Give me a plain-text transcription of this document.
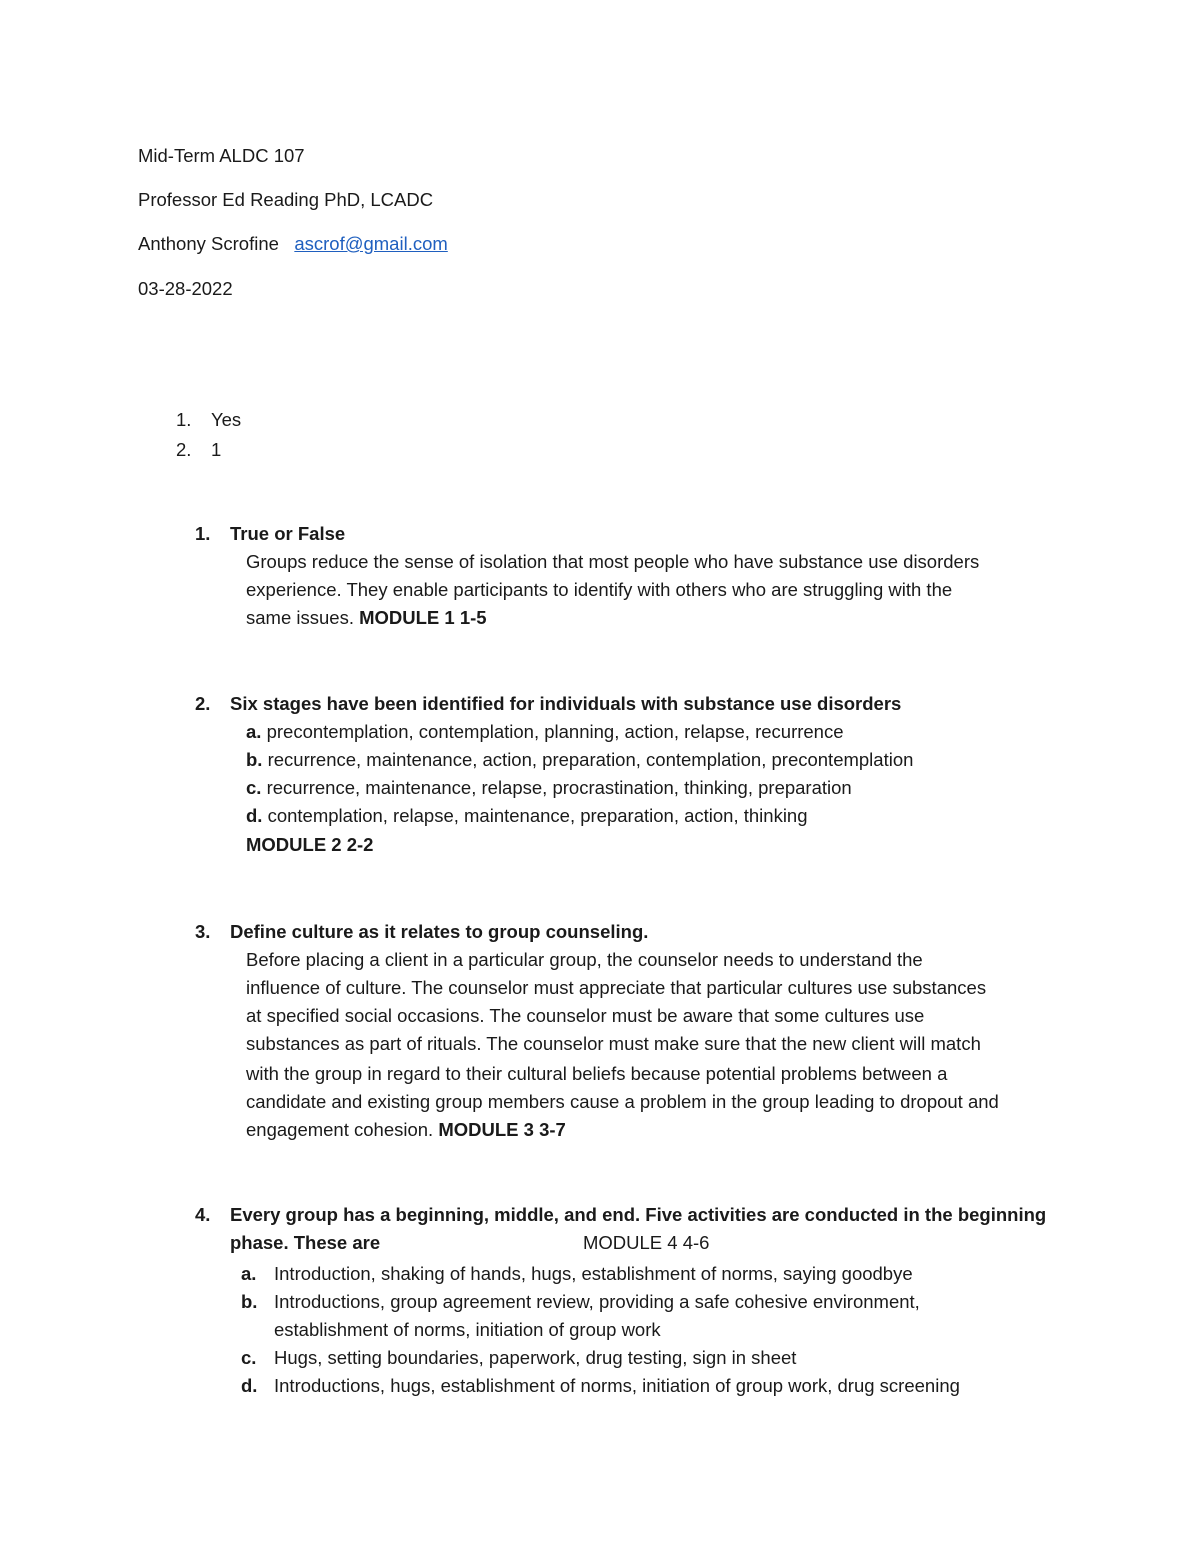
Mid-Term ALDC 107
Professor Ed Reading PhD, LCADC
Anthony Scrofine ascrof@gmail.com
03-28-2022
1. Yes
2. 1
1. True or False
Groups reduce the sense of isolation that most people who have substance use disorders
experience. They enable participants to identify with others who are struggling with the
same issues. MODULE 1 1-5
2. Six stages have been identified for individuals with substance use disorders
a. precontemplation, contemplation, planning, action, relapse, recurrence
b. recurrence, maintenance, action, preparation, contemplation, precontemplation
c. recurrence, maintenance, relapse, procrastination, thinking, preparation
d. contemplation, relapse, maintenance, preparation, action, thinking
MODULE 2 2-2
3. Define culture as it relates to group counseling.
Before placing a client in a particular group, the counselor needs to understand the
influence of culture. The counselor must appreciate that particular cultures use substances
at specified social occasions. The counselor must be aware that some cultures use
substances as part of rituals. The counselor must make sure that the new client will match
with the group in regard to their cultural beliefs because potential problems between a
candidate and existing group members cause a problem in the group leading to dropout and
engagement cohesion. MODULE 3 3-7
4. Every group has a beginning, middle, and end. Five activities are conducted in the beginning
phase. These are	MODULE 4 4-6
a. Introduction, shaking of hands, hugs, establishment of norms, saying goodbye
b. Introductions, group agreement review, providing a safe cohesive environment,
establishment of norms, initiation of group work
c. Hugs, setting boundaries, paperwork, drug testing, sign in sheet
d. Introductions, hugs, establishment of norms, initiation of group work, drug screening
